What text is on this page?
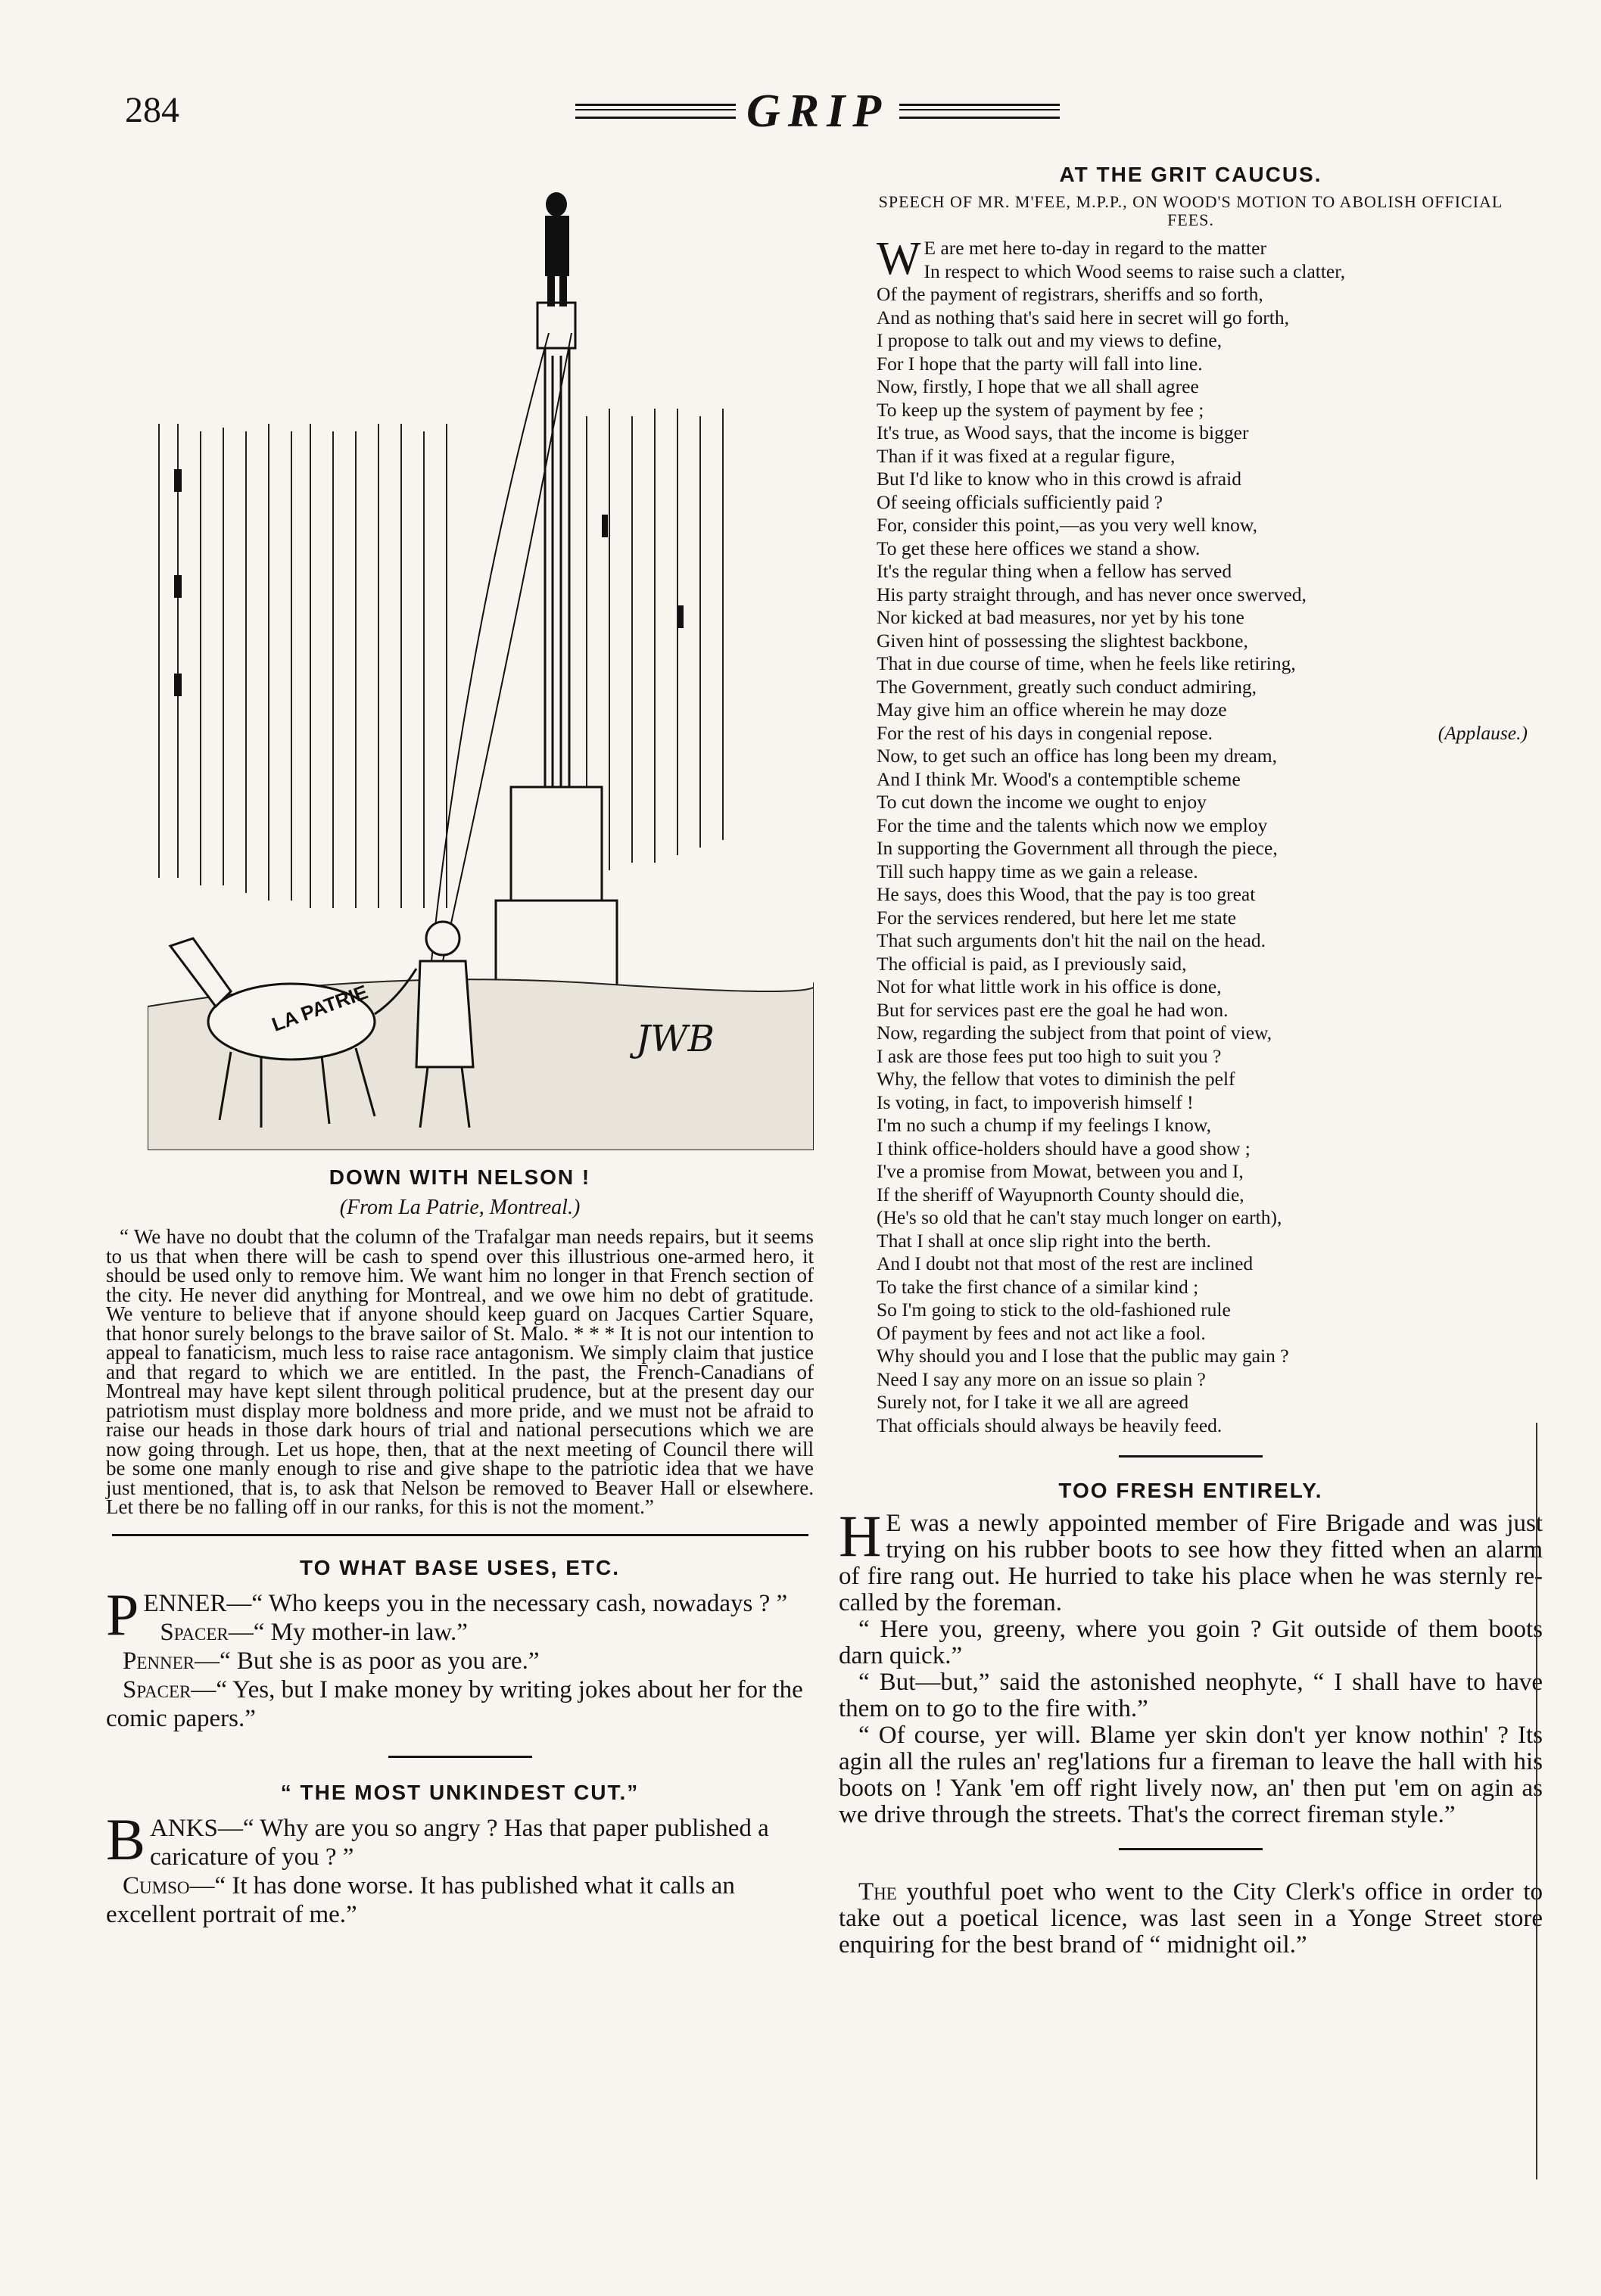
284	GRIP
LA PATRIE
JWB
DOWN WITH NELSON !
(From La Patrie, Montreal.)

“ We have no doubt that the column of the Trafalgar man needs repairs, but it seems to us that when there will be cash to spend over this illustrious one-armed hero, it should be used only to remove him. We want him no longer in that French section of the city. He never did anything for Montreal, and we owe him no debt of gratitude. We venture to believe that if anyone should keep guard on Jacques Cartier Square, that honor surely belongs to the brave sailor of St. Malo. * * * It is not our intention to appeal to fanaticism, much less to raise race antagonism. We simply claim that justice and that regard to which we are entitled. In the past, the French-Canadians of Montreal may have kept silent through political prudence, but at the present day our patriotism must display more boldness and more pride, and we must not be afraid to raise our heads in those dark hours of trial and national persecutions which we are now going through. Let us hope, then, that at the next meeting of Council there will be some one manly enough to rise and give shape to the patriotic idea that we have just mentioned, that is, to ask that Nelson be removed to Beaver Hall or elsewhere. Let there be no falling off in our ranks, for this is not the moment.”

TO WHAT BASE USES, ETC.

PENNER—“ Who keeps you in the necessary cash, nowadays ? ”

Spacer—“ My mother-in law.”

Penner—“ But she is as poor as you are.”

Spacer—“ Yes, but I make money by writing jokes about her for the comic papers.”

“ THE MOST UNKINDEST CUT.”

BANKS—“ Why are you so angry ? Has that paper published a caricature of you ? ”

Cumso—“ It has done worse. It has published what it calls an excellent portrait of me.”

AT THE GRIT CAUCUS.
SPEECH OF MR. M'FEE, M.P.P., ON WOOD'S MOTION TO ABOLISH OFFICIAL FEES.

W E are met here to-day in regard to the matter

In respect to which Wood seems to raise such a clatter,

Of the payment of registrars, sheriffs and so forth,

And as nothing that's said here in secret will go forth,

I propose to talk out and my views to define,

For I hope that the party will fall into line.

Now, firstly, I hope that we all shall agree

To keep up the system of payment by fee ;

It's true, as Wood says, that the income is bigger

Than if it was fixed at a regular figure,

But I'd like to know who in this crowd is afraid

Of seeing officials sufficiently paid ?

For, consider this point,—as you very well know,

To get these here offices we stand a show.

It's the regular thing when a fellow has served

His party straight through, and has never once swerved,

Nor kicked at bad measures, nor yet by his tone

Given hint of possessing the slightest backbone,

That in due course of time, when he feels like retiring,

The Government, greatly such conduct admiring,

May give him an office wherein he may doze

For the rest of his days in congenial repose.	(Applause.)

Now, to get such an office has long been my dream,

And I think Mr. Wood's a contemptible scheme

To cut down the income we ought to enjoy

For the time and the talents which now we employ

In supporting the Government all through the piece,

Till such happy time as we gain a release.

He says, does this Wood, that the pay is too great

For the services rendered, but here let me state

That such arguments don't hit the nail on the head.

The official is paid, as I previously said,

Not for what little work in his office is done,

But for services past ere the goal he had won.

Now, regarding the subject from that point of view,

I ask are those fees put too high to suit you ?

Why, the fellow that votes to diminish the pelf

Is voting, in fact, to impoverish himself !

I'm no such a chump if my feelings I know,

I think office-holders should have a good show ;

I've a promise from Mowat, between you and I,

If the sheriff of Wayupnorth County should die,

(He's so old that he can't stay much longer on earth),

That I shall at once slip right into the berth.

And I doubt not that most of the rest are inclined

To take the first chance of a similar kind ;

So I'm going to stick to the old-fashioned rule

Of payment by fees and not act like a fool.

Why should you and I lose that the public may gain ?

Need I say any more on an issue so plain ?

Surely not, for I take it we all are agreed

That officials should always be heavily feed.

TOO FRESH ENTIRELY.

H E was a newly appointed member of Fire Brigade and was just trying on his rubber boots to see how they fitted when an alarm of fire rang out. He hurried to take his place when he was sternly re-called by the foreman.

“ Here you, greeny, where you goin ? Git outside of them boots darn quick.”

“ But—but,” said the astonished neophyte, “ I shall have to have them on to go to the fire with.”

“ Of course, yer will. Blame yer skin don't yer know nothin' ? Its agin all the rules an' reg'lations fur a fireman to leave the hall with his boots on ! Yank 'em off right lively now, an' then put 'em on agin as we drive through the streets. That's the correct fireman style.”

The youthful poet who went to the City Clerk's office in order to take out a poetical licence, was last seen in a Yonge Street store enquiring for the best brand of “ midnight oil.”
